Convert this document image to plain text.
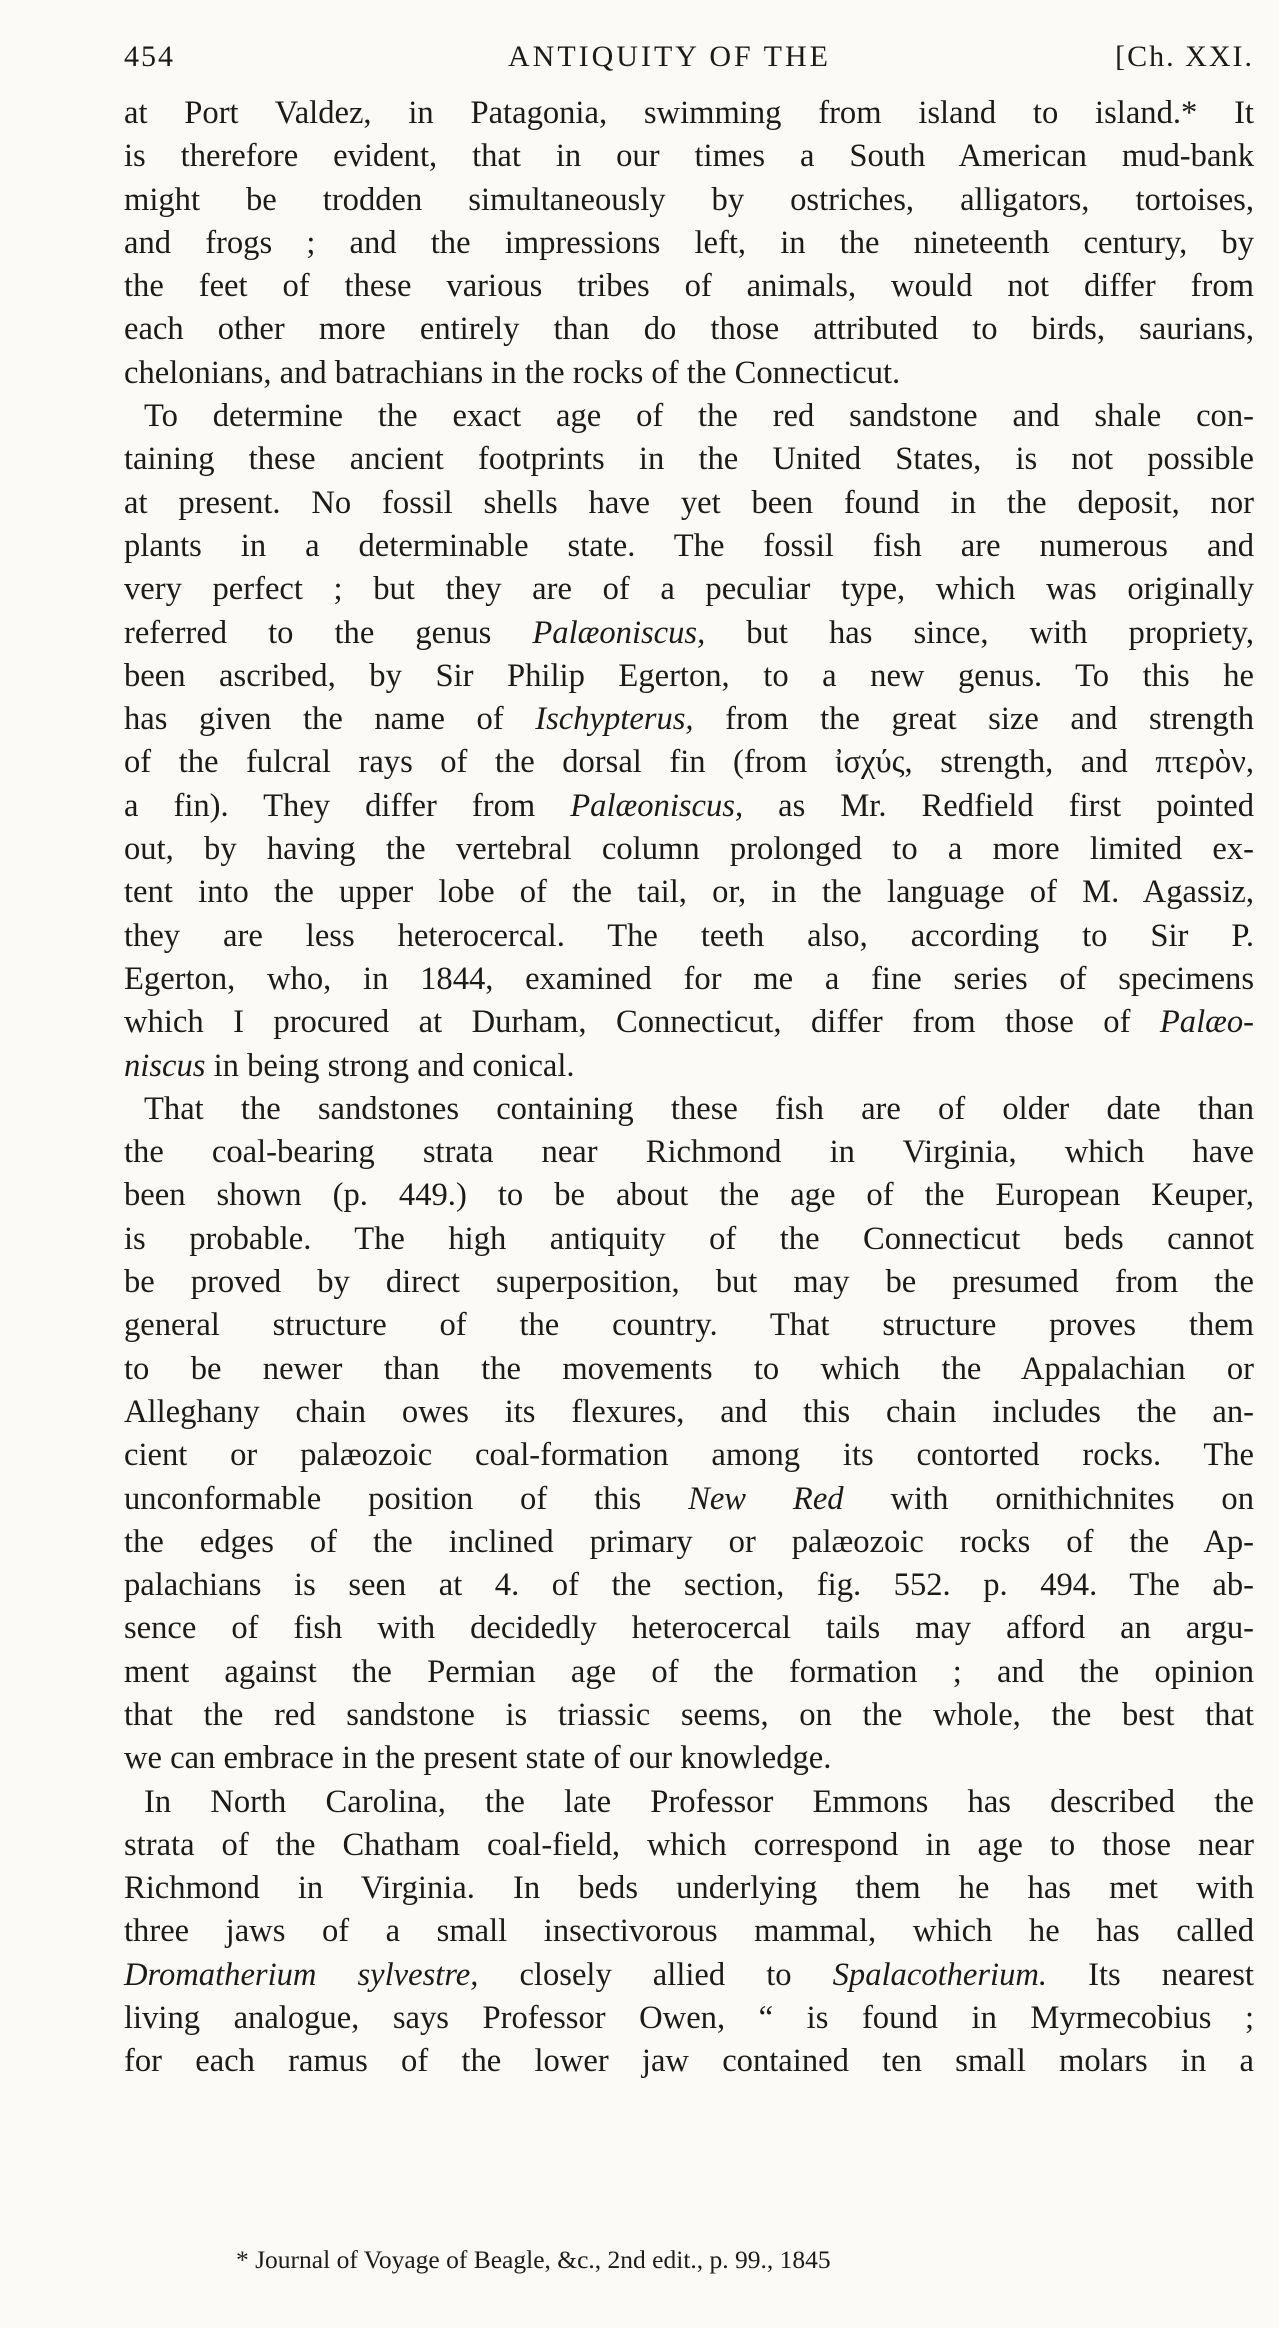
454	ANTIQUITY OF THE	[Ch. XXI.
at Port Valdez, in Patagonia, swimming from island to island.* It
is therefore evident, that in our times a South American mud-bank
might be trodden simultaneously by ostriches, alligators, tortoises,
and frogs ; and the impressions left, in the nineteenth century, by
the feet of these various tribes of animals, would not differ from
each other more entirely than do those attributed to birds, saurians,
chelonians, and batrachians in the rocks of the Connecticut.
To determine the exact age of the red sandstone and shale con-
taining these ancient footprints in the United States, is not possible
at present. No fossil shells have yet been found in the deposit, nor
plants in a determinable state. The fossil fish are numerous and
very perfect ; but they are of a peculiar type, which was originally
referred to the genus Palæoniscus, but has since, with propriety,
been ascribed, by Sir Philip Egerton, to a new genus. To this he
has given the name of Ischypterus, from the great size and strength
of the fulcral rays of the dorsal fin (from ἰσχύς, strength, and πτερὸν,
a fin). They differ from Palæoniscus, as Mr. Redfield first pointed
out, by having the vertebral column prolonged to a more limited ex-
tent into the upper lobe of the tail, or, in the language of M. Agassiz,
they are less heterocercal. The teeth also, according to Sir P.
Egerton, who, in 1844, examined for me a fine series of specimens
which I procured at Durham, Connecticut, differ from those of Palæo-
niscus in being strong and conical.
That the sandstones containing these fish are of older date than
the coal-bearing strata near Richmond in Virginia, which have
been shown (p. 449.) to be about the age of the European Keuper,
is probable. The high antiquity of the Connecticut beds cannot
be proved by direct superposition, but may be presumed from the
general structure of the country. That structure proves them
to be newer than the movements to which the Appalachian or
Alleghany chain owes its flexures, and this chain includes the an-
cient or palæozoic coal-formation among its contorted rocks. The
unconformable position of this New Red with ornithichnites on
the edges of the inclined primary or palæozoic rocks of the Ap-
palachians is seen at 4. of the section, fig. 552. p. 494. The ab-
sence of fish with decidedly heterocercal tails may afford an argu-
ment against the Permian age of the formation ; and the opinion
that the red sandstone is triassic seems, on the whole, the best that
we can embrace in the present state of our knowledge.
In North Carolina, the late Professor Emmons has described the
strata of the Chatham coal-field, which correspond in age to those near
Richmond in Virginia. In beds underlying them he has met with
three jaws of a small insectivorous mammal, which he has called
Dromatherium sylvestre, closely allied to Spalacotherium. Its nearest
living analogue, says Professor Owen, “ is found in Myrmecobius ;
for each ramus of the lower jaw contained ten small molars in a
* Journal of Voyage of Beagle, &c., 2nd edit., p. 99., 1845
